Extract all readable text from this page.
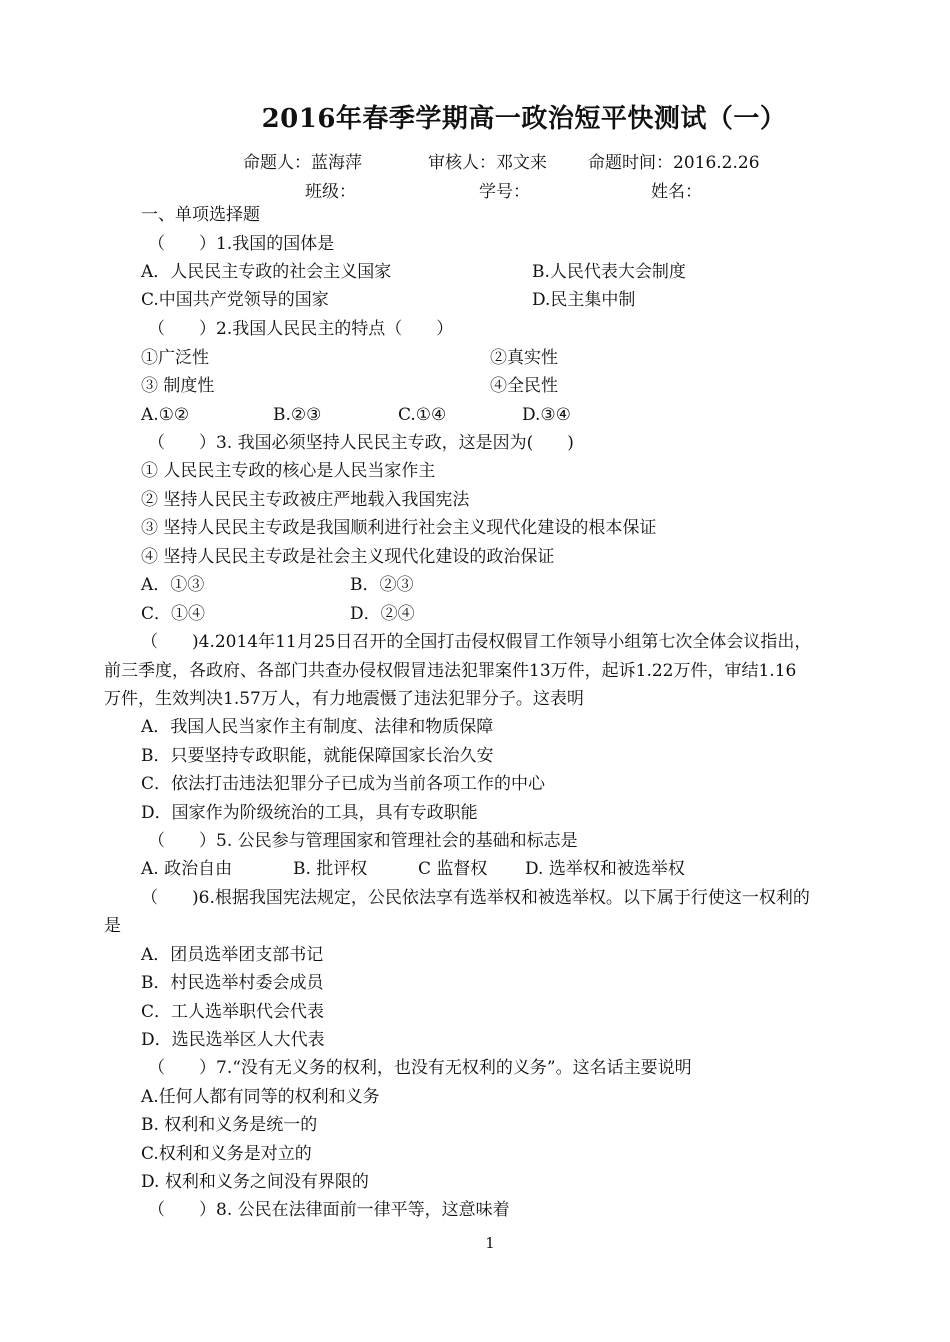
2016年春季学期高一政治短平快测试（一）
命题人：蓝海萍	审核人：邓文来 命题时间：2016.2.26
班级：	学号：	姓名：
一、单项选择题
（　　）1.我国的国体是
A．人民民主专政的社会主义国家	B.人民代表大会制度
C.中国共产党领导的国家	D.民主集中制
（　　）2.我国人民民主的特点（　　）
①广泛性	②真实性
③ 制度性	④全民性
A.①②	B.②③	C.①④	D.③④
（　　）3. 我国必须坚持人民民主专政，这是因为(　　)
① 人民民主专政的核心是人民当家作主
② 坚持人民民主专政被庄严地载入我国宪法
③ 坚持人民民主专政是我国顺利进行社会主义现代化建设的根本保证
④ 坚持人民民主专政是社会主义现代化建设的政治保证
A．①③	B．②③
C．①④	D．②④
（　　)4.2014年11月25日召开的全国打击侵权假冒工作领导小组第七次全体会议指出，
前三季度，各政府、各部门共查办侵权假冒违法犯罪案件13万件，起诉1.22万件，审结1.16
万件，生效判决1.57万人，有力地震慑了违法犯罪分子。这表明
A．我国人民当家作主有制度、法律和物质保障
B．只要坚持专政职能，就能保障国家长治久安
C．依法打击违法犯罪分子已成为当前各项工作的中心
D．国家作为阶级统治的工具，具有专政职能
（　　）5. 公民参与管理国家和管理社会的基础和标志是
A. 政治自由	B. 批评权	C 监督权 D. 选举权和被选举权
（　　)6.根据我国宪法规定，公民依法享有选举权和被选举权。以下属于行使这一权利的
是
A．团员选举团支部书记
B．村民选举村委会成员
C．工人选举职代会代表
D．选民选举区人大代表
（　　）7.“没有无义务的权利，也没有无权利的义务”。这名话主要说明
A.任何人都有同等的权利和义务
B. 权利和义务是统一的
C.权利和义务是对立的
D. 权利和义务之间没有界限的
（　　）8. 公民在法律面前一律平等，这意味着
1
